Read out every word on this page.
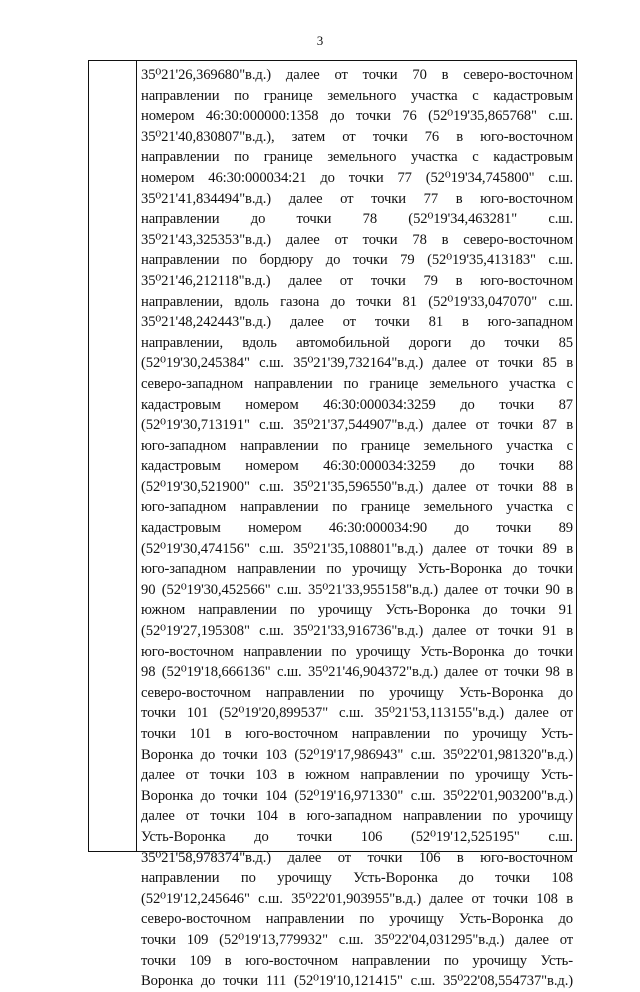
3
35⁰21'26,369680"в.д.) далее от точки 70 в северо-восточном
направлении по границе земельного участка с кадастровым
номером 46:30:000000:1358 до точки 76 (52⁰19'35,865768" с.ш.
35⁰21'40,830807"в.д.), затем от точки 76 в юго-восточном
направлении по границе земельного участка с кадастровым
номером 46:30:000034:21 до точки 77 (52⁰19'34,745800" с.ш.
35⁰21'41,834494"в.д.) далее от точки 77 в юго-восточном
направлении до точки 78 (52⁰19'34,463281" с.ш.
35⁰21'43,325353"в.д.) далее от точки 78 в северо-восточном
направлении по бордюру до точки 79 (52⁰19'35,413183" с.ш.
35⁰21'46,212118"в.д.) далее от точки 79 в юго-восточном
направлении, вдоль газона до точки 81 (52⁰19'33,047070" с.ш.
35⁰21'48,242443"в.д.) далее от точки 81 в юго-западном
направлении, вдоль автомобильной дороги до точки 85
(52⁰19'30,245384" с.ш. 35⁰21'39,732164"в.д.) далее от точки 85 в
северо-западном направлении по границе земельного участка с
кадастровым номером 46:30:000034:3259 до точки 87
(52⁰19'30,713191" с.ш. 35⁰21'37,544907"в.д.) далее от точки 87 в
юго-западном направлении по границе земельного участка с
кадастровым номером 46:30:000034:3259 до точки 88
(52⁰19'30,521900" с.ш. 35⁰21'35,596550"в.д.) далее от точки 88 в
юго-западном направлении по границе земельного участка с
кадастровым номером 46:30:000034:90 до точки 89
(52⁰19'30,474156" с.ш. 35⁰21'35,108801"в.д.) далее от точки 89 в
юго-западном направлении по урочищу Усть-Воронка до точки
90 (52⁰19'30,452566" с.ш. 35⁰21'33,955158"в.д.) далее от точки 90 в
южном направлении по урочищу Усть-Воронка до точки 91
(52⁰19'27,195308" с.ш. 35⁰21'33,916736"в.д.) далее от точки 91 в
юго-восточном направлении по урочищу Усть-Воронка до точки
98 (52⁰19'18,666136" с.ш. 35⁰21'46,904372"в.д.) далее от точки 98 в
северо-восточном направлении по урочищу Усть-Воронка до
точки 101 (52⁰19'20,899537" с.ш. 35⁰21'53,113155"в.д.) далее от
точки 101 в юго-восточном направлении по урочищу Усть-
Воронка до точки 103 (52⁰19'17,986943" с.ш. 35⁰22'01,981320"в.д.)
далее от точки 103 в южном направлении по урочищу Усть-
Воронка до точки 104 (52⁰19'16,971330" с.ш. 35⁰22'01,903200"в.д.)
далее от точки 104 в юго-западном направлении по урочищу
Усть-Воронка до точки 106 (52⁰19'12,525195" с.ш.
35⁰21'58,978374"в.д.) далее от точки 106 в юго-восточном
направлении по урочищу Усть-Воронка до точки 108
(52⁰19'12,245646" с.ш. 35⁰22'01,903955"в.д.) далее от точки 108 в
северо-восточном направлении по урочищу Усть-Воронка до
точки 109 (52⁰19'13,779932" с.ш. 35⁰22'04,031295"в.д.) далее от
точки 109 в юго-восточном направлении по урочищу Усть-
Воронка до точки 111 (52⁰19'10,121415" с.ш. 35⁰22'08,554737"в.д.)
